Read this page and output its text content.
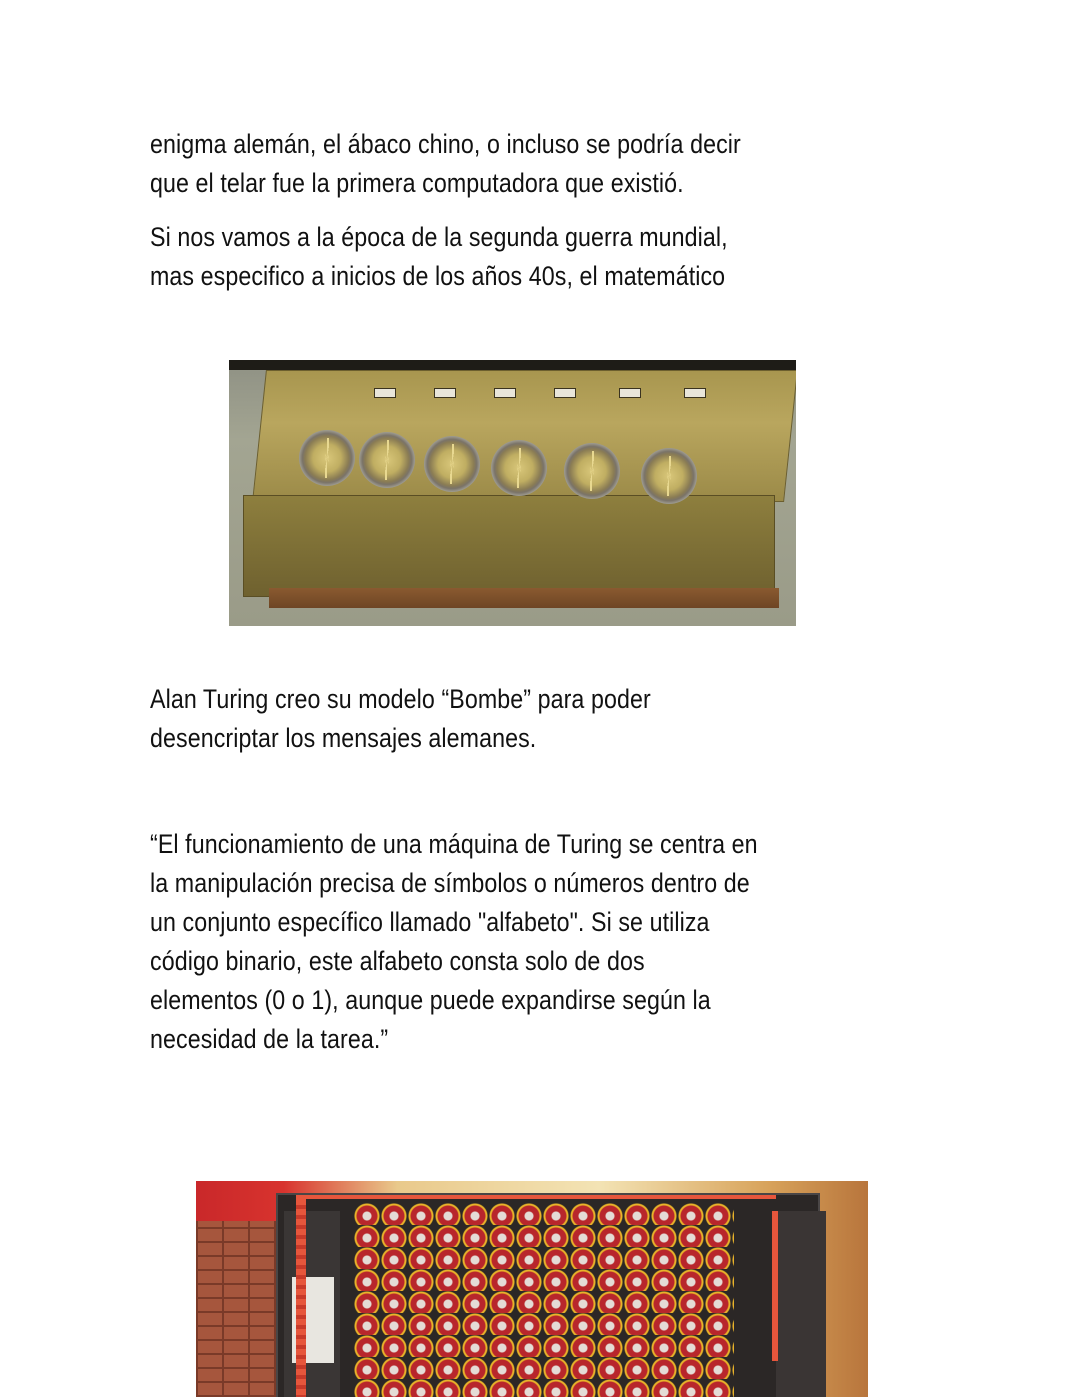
enigma alemán, el ábaco chino, o incluso se podría decir
que el telar fue la primera computadora que existió.
Si nos vamos a la época de la segunda guerra mundial,
mas especifico a inicios de los años 40s, el matemático
Alan Turing creo su modelo “Bombe” para poder
desencriptar los mensajes alemanes.
“El funcionamiento de una máquina de Turing se centra en
la manipulación precisa de símbolos o números dentro de
un conjunto específico llamado "alfabeto". Si se utiliza
código binario, este alfabeto consta solo de dos
elementos (0 o 1), aunque puede expandirse según la
necesidad de la tarea.”
